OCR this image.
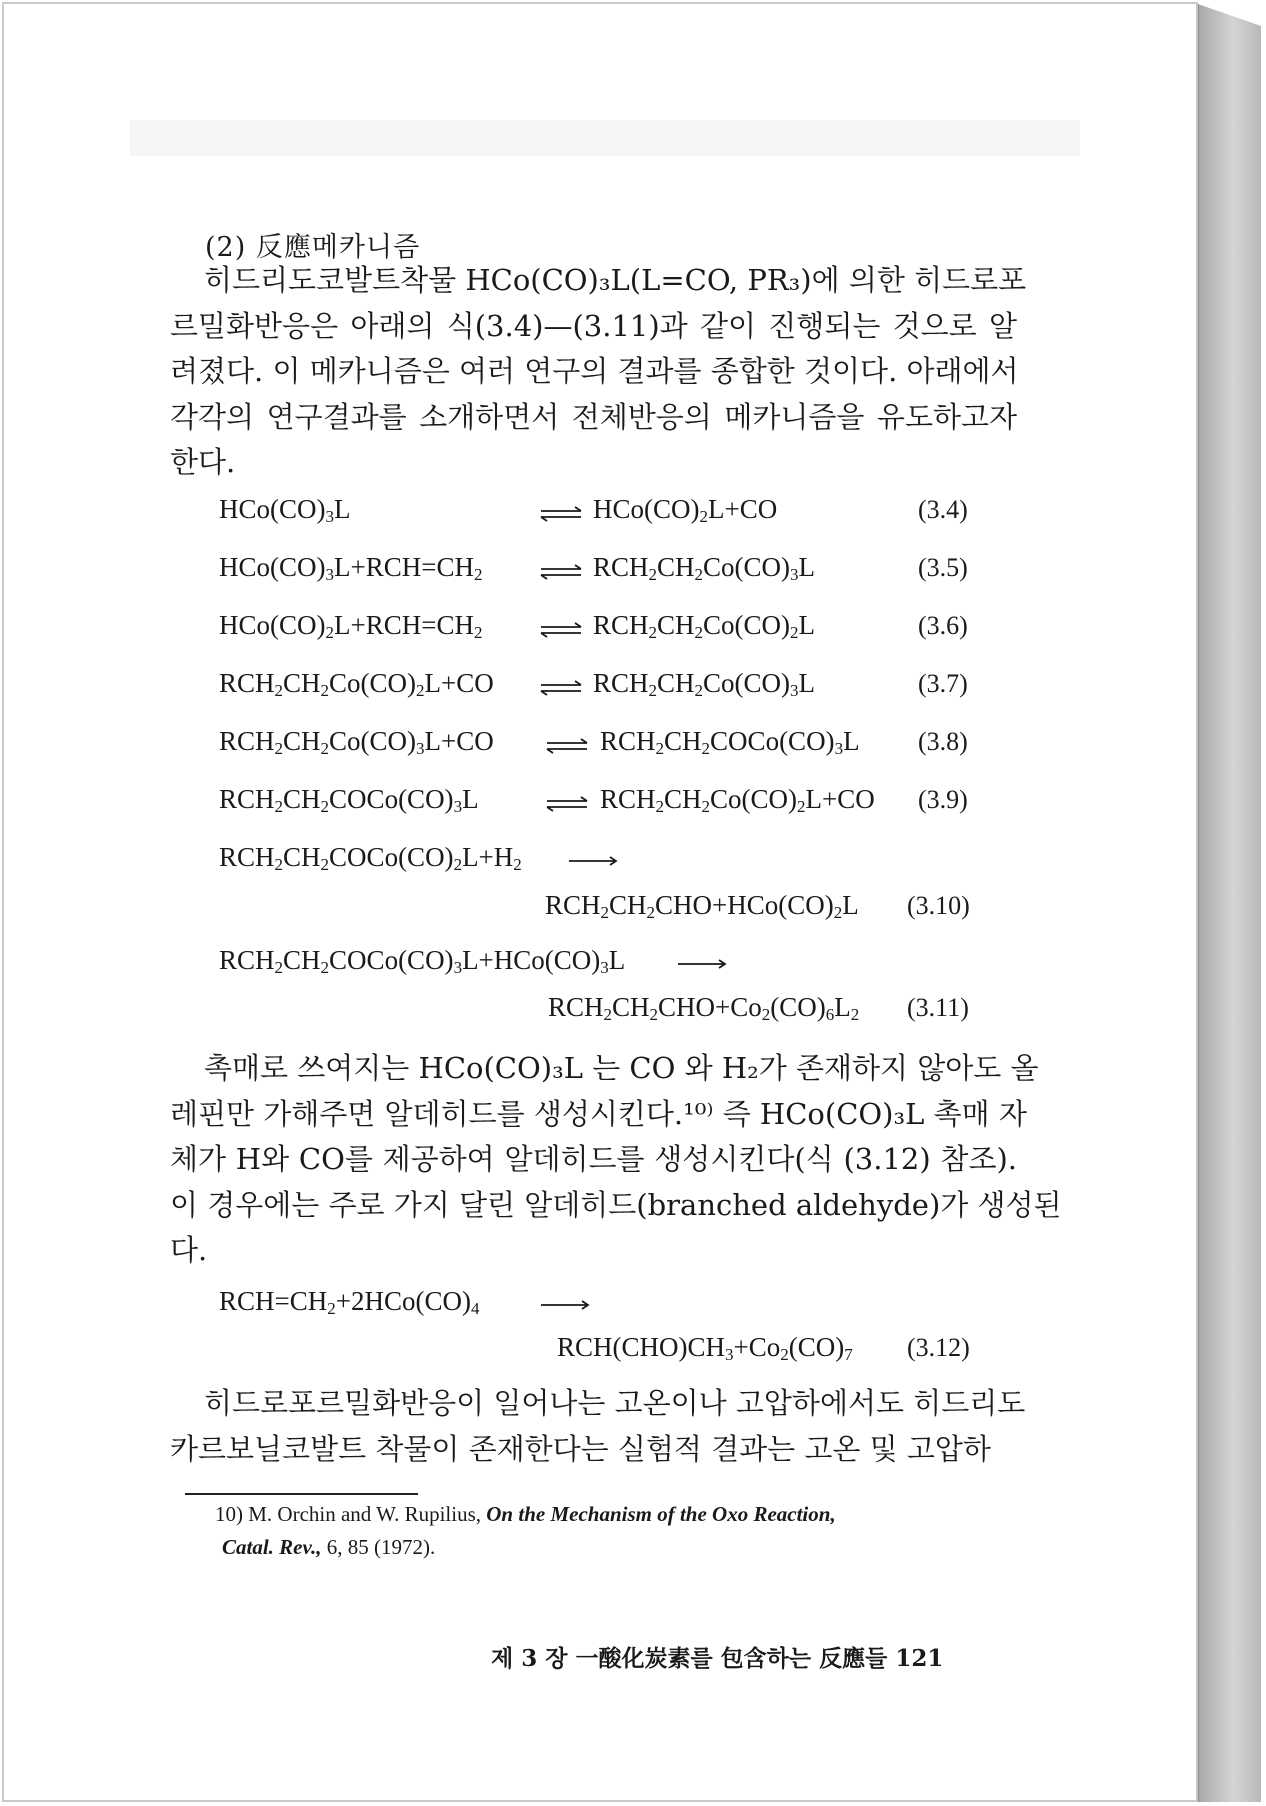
(2) 反應메카니즘
히드리도코발트착물 HCo(CO)₃L(L=CO, PR₃)에 의한 히드로포
르밀화반응은 아래의 식(3.4)—(3.11)과 같이 진행되는 것으로 알
려졌다. 이 메카니즘은 여러 연구의 결과를 종합한 것이다. 아래에서
각각의 연구결과를 소개하면서 전체반응의 메카니즘을 유도하고자
한다.
$HCo(CO)_3L$	⇌ $HCo(CO)_2L+CO$	(3.4)
$HCo(CO)_3L+RCH=CH_2$	⇌ $RCH_2CH_2Co(CO)_3L$	(3.5)
$HCo(CO)_2L+RCH=CH_2$	⇌ $RCH_2CH_2Co(CO)_2L$	(3.6)
$RCH_2CH_2Co(CO)_2L+CO$	⇌ $RCH_2CH_2Co(CO)_3L$	(3.7)
$RCH_2CH_2Co(CO)_3L+CO$	⇌ $RCH_2CH_2COCo(CO)_3L$ (3.8)
$RCH_2CH_2COCo(CO)_3L$	⇌ $RCH_2CH_2Co(CO)_2L+CO$ (3.9)
$RCH_2CH_2COCo(CO)_2L+H_2$
$RCH_2CH_2CHO+HCo(CO)_2L$ (3.10)
$RCH_2CH_2COCo(CO)_3L+HCo(CO)_3L$
$RCH_2CH_2CHO+Co_2(CO)_6L_2$ (3.11)
$RCH=CH_2+2HCo(CO)_4$
$RCH(CHO)CH_3+Co_2(CO)_7$ (3.12)
촉매로 쓰여지는 HCo(CO)₃L 는 CO 와 H₂가 존재하지 않아도 올
레핀만 가해주면 알데히드를 생성시킨다.¹⁰⁾ 즉 HCo(CO)₃L 촉매 자
체가 H와 CO를 제공하여 알데히드를 생성시킨다(식 (3.12) 참조).
이 경우에는 주로 가지 달린 알데히드(branched aldehyde)가 생성된
다.
히드로포르밀화반응이 일어나는 고온이나 고압하에서도 히드리도
카르보닐코발트 착물이 존재한다는 실험적 결과는 고온 및 고압하
10) M. Orchin and W. Rupilius, On the Mechanism of the Oxo Reaction,
Catal. Rev., 6, 85 (1972).
제 3 장 一酸化炭素를 包含하는 反應들 121
